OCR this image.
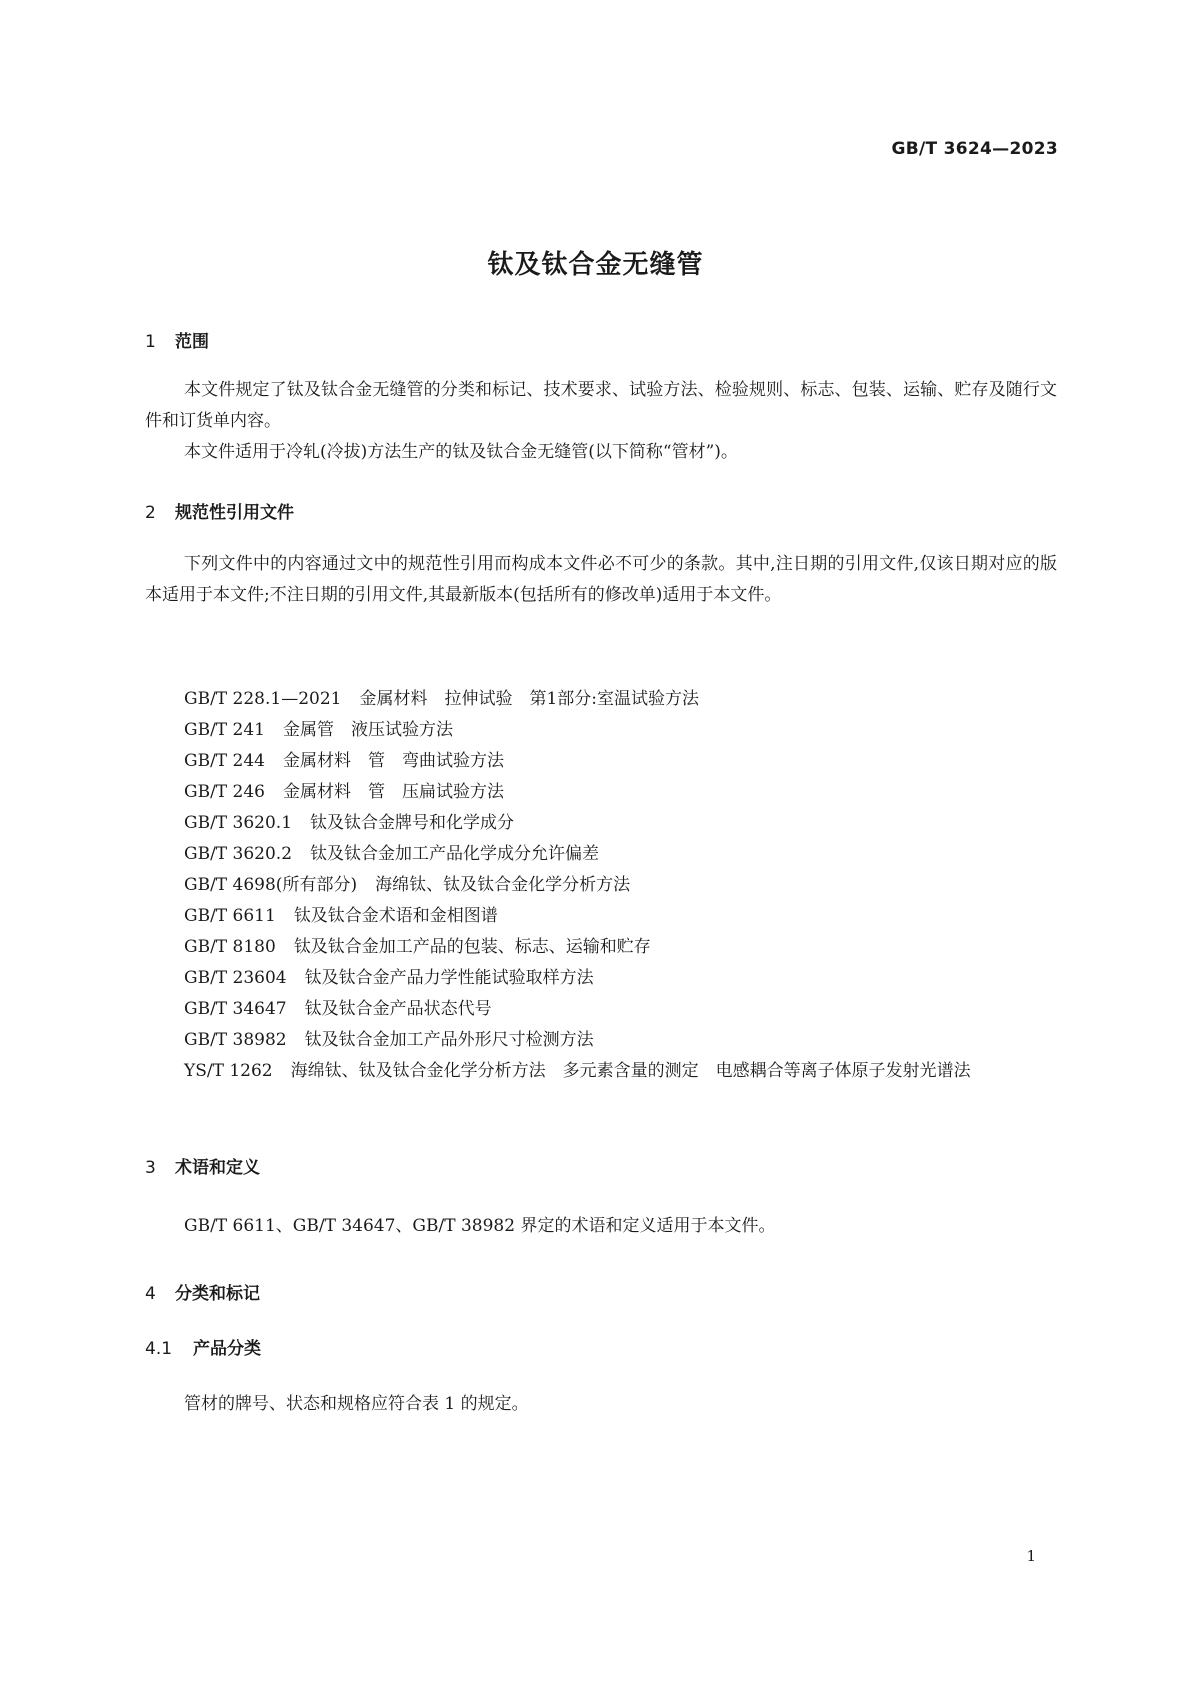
GB/T 3624—2023
钛及钛合金无缝管
1 范围
本文件规定了钛及钛合金无缝管的分类和标记、技术要求、试验方法、检验规则、标志、包装、运输、贮存及随行文件和订货单内容。
本文件适用于冷轧(冷拔)方法生产的钛及钛合金无缝管(以下简称“管材”)。
2 规范性引用文件
下列文件中的内容通过文中的规范性引用而构成本文件必不可少的条款。其中,注日期的引用文件,仅该日期对应的版本适用于本文件;不注日期的引用文件,其最新版本(包括所有的修改单)适用于本文件。
GB/T 228.1—2021 金属材料　拉伸试验　第1部分:室温试验方法
GB/T 241 金属管　液压试验方法
GB/T 244 金属材料　管　弯曲试验方法
GB/T 246 金属材料　管　压扁试验方法
GB/T 3620.1 钛及钛合金牌号和化学成分
GB/T 3620.2 钛及钛合金加工产品化学成分允许偏差
GB/T 4698(所有部分) 海绵钛、钛及钛合金化学分析方法
GB/T 6611 钛及钛合金术语和金相图谱
GB/T 8180 钛及钛合金加工产品的包装、标志、运输和贮存
GB/T 23604 钛及钛合金产品力学性能试验取样方法
GB/T 34647 钛及钛合金产品状态代号
GB/T 38982 钛及钛合金加工产品外形尺寸检测方法
YS/T 1262 海绵钛、钛及钛合金化学分析方法　多元素含量的测定　电感耦合等离子体原子发射光谱法
3 术语和定义
GB/T 6611、GB/T 34647、GB/T 38982 界定的术语和定义适用于本文件。
4 分类和标记
4.1 产品分类
管材的牌号、状态和规格应符合表 1 的规定。
1
